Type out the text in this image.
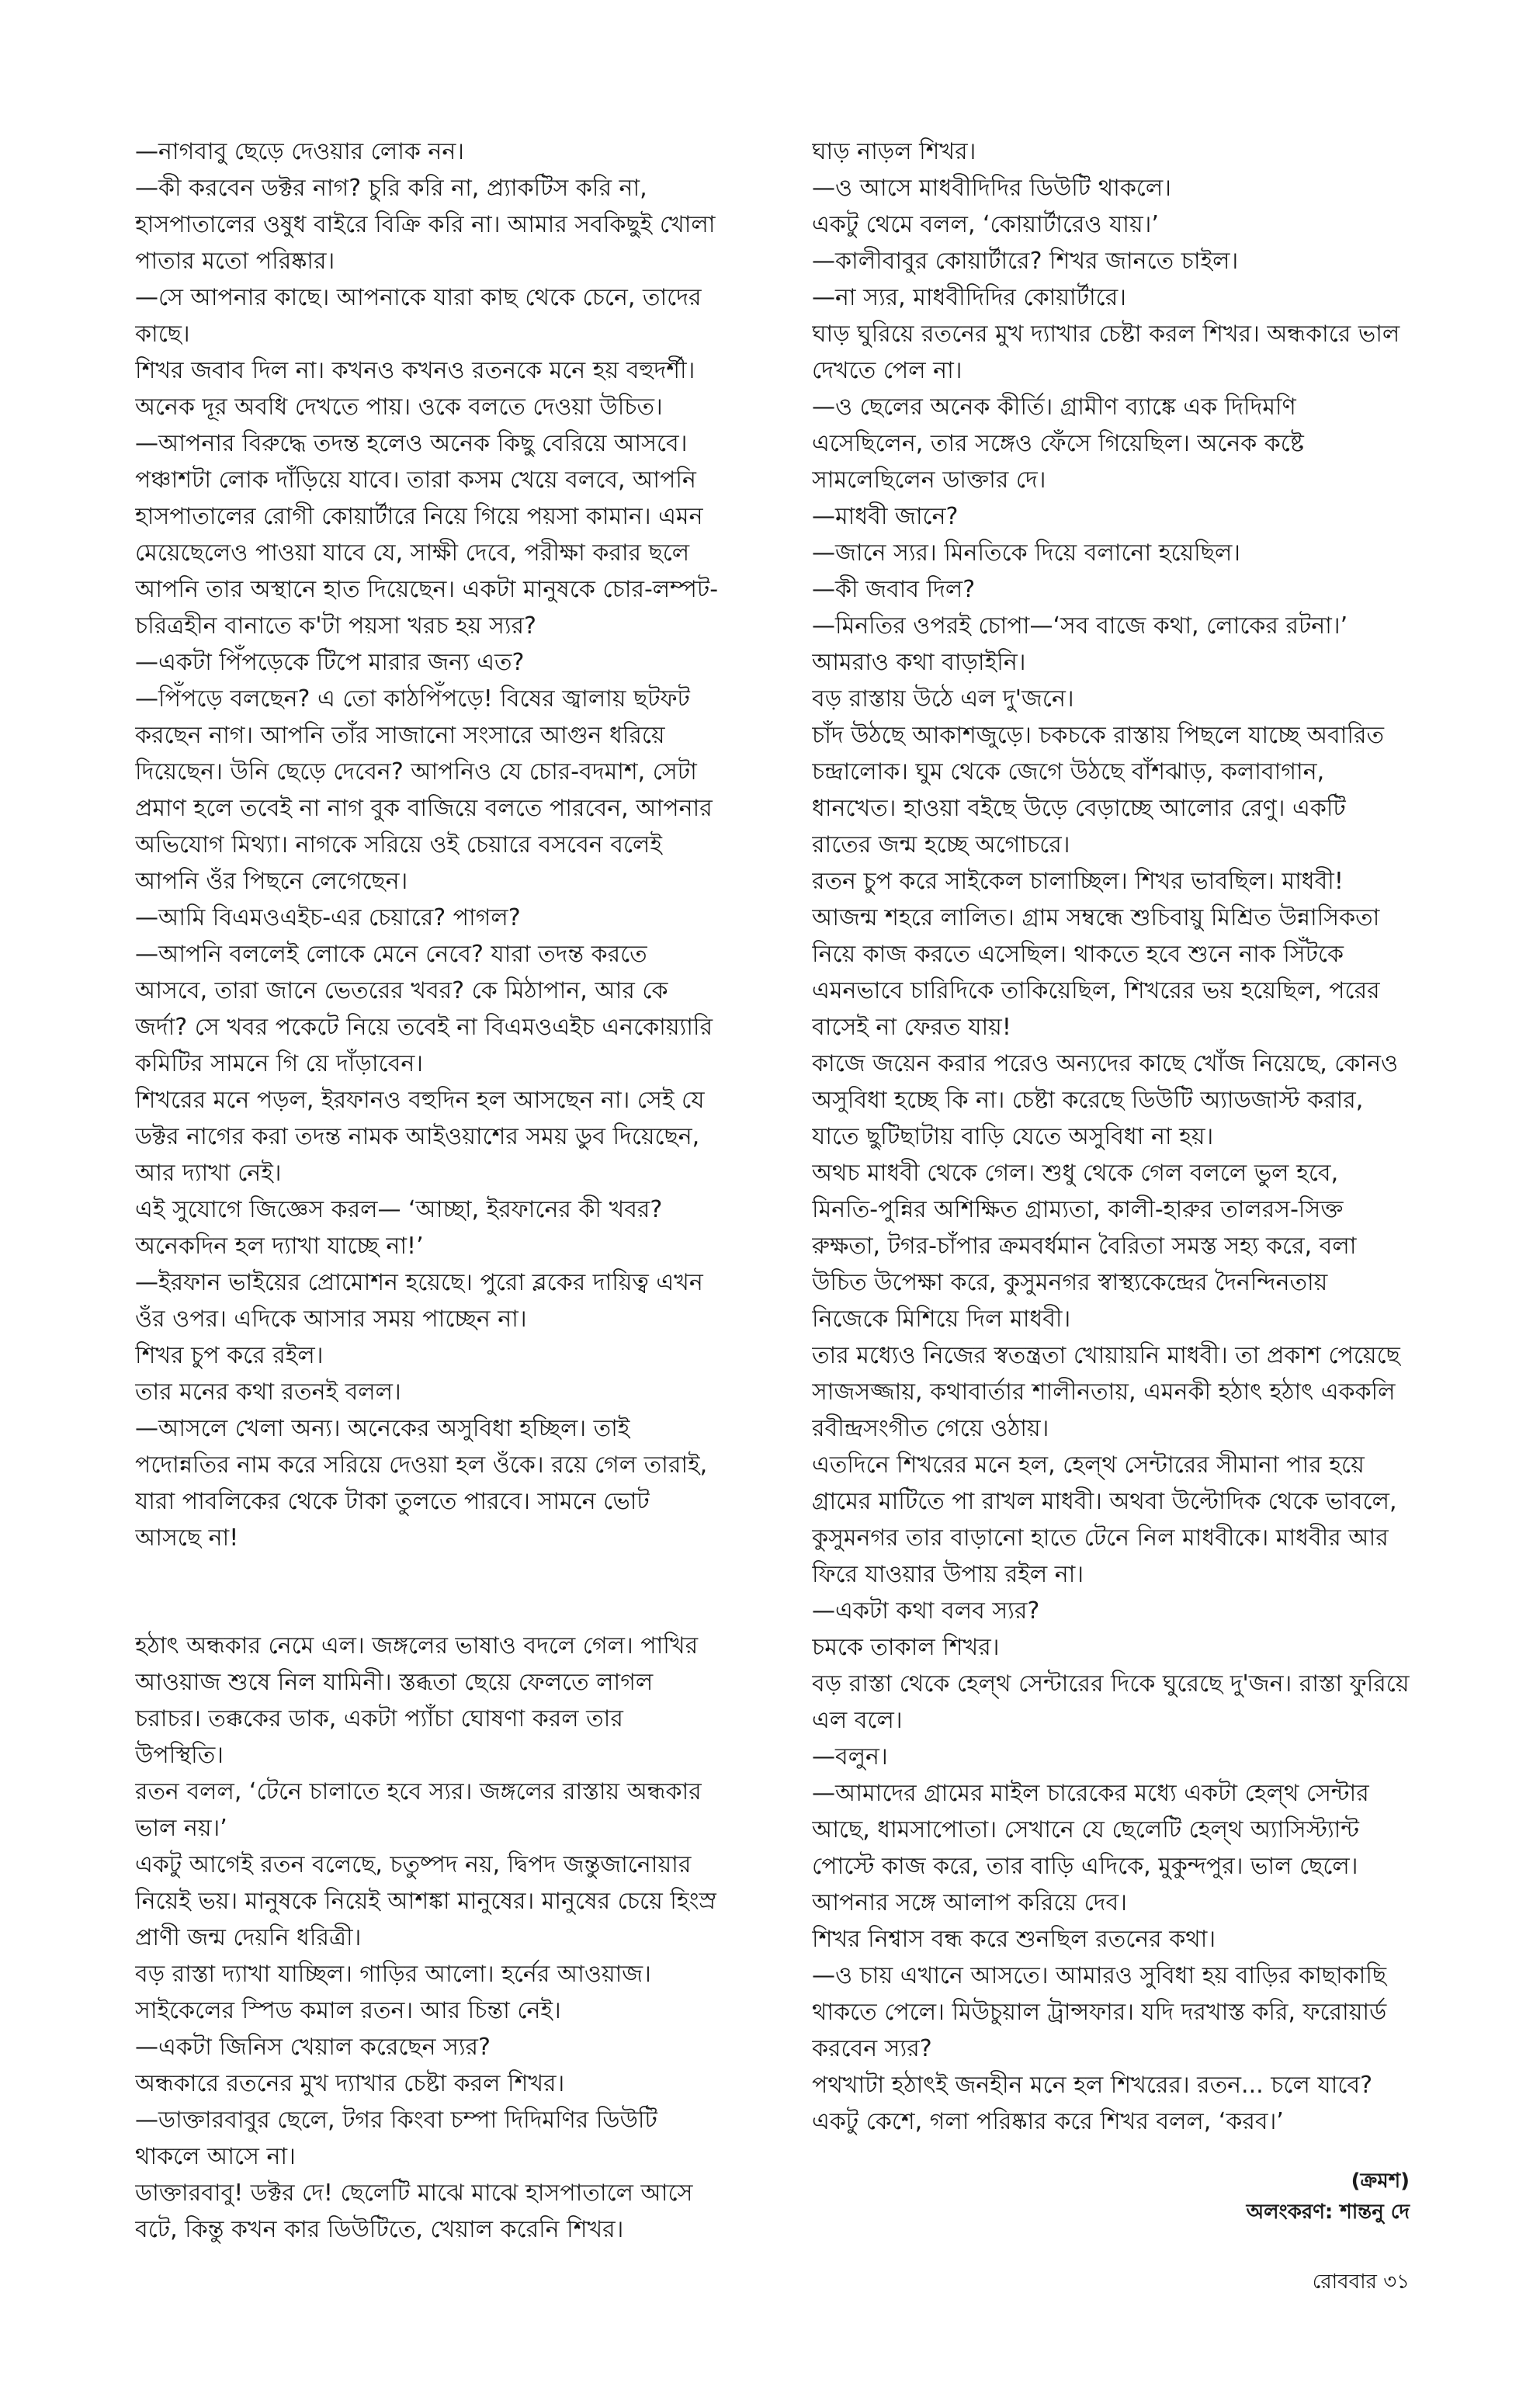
—নাগবাবু ছেড়ে দেওয়ার লোক নন।

—কী করবেন ডক্টর নাগ? চুরি করি না, প্র্যাকটিস করি না, হাসপাতালের ওষুধ বাইরে বিক্রি করি না। আমার সবকিছুই খোলা পাতার মতো পরিষ্কার।

—সে আপনার কাছে। আপনাকে যারা কাছ থেকে চেনে, তাদের কাছে।

শিখর জবাব দিল না। কখনও কখনও রতনকে মনে হয় বহুদর্শী। অনেক দূর অবধি দেখতে পায়। ওকে বলতে দেওয়া উচিত।

—আপনার বিরুদ্ধে তদন্ত হলেও অনেক কিছু বেরিয়ে আসবে। পঞ্চাশটা লোক দাঁড়িয়ে যাবে। তারা কসম খেয়ে বলবে, আপনি হাসপাতালের রোগী কোয়ার্টারে নিয়ে গিয়ে পয়সা কামান। এমন মেয়েছেলেও পাওয়া যাবে যে, সাক্ষী দেবে, পরীক্ষা করার ছলে আপনি তার অস্থানে হাত দিয়েছেন। একটা মানুষকে চোর-লম্পট-চরিত্রহীন বানাতে ক'টা পয়সা খরচ হয় স্যর?

—একটা পিঁপড়েকে টিপে মারার জন্য এত?

—পিঁপড়ে বলছেন? এ তো কাঠপিঁপড়ে! বিষের জ্বালায় ছটফট করছেন নাগ। আপনি তাঁর সাজানো সংসারে আগুন ধরিয়ে দিয়েছেন। উনি ছেড়ে দেবেন? আপনিও যে চোর-বদমাশ, সেটা প্রমাণ হলে তবেই না নাগ বুক বাজিয়ে বলতে পারবেন, আপনার অভিযোগ মিথ্যা। নাগকে সরিয়ে ওই চেয়ারে বসবেন বলেই আপনি ওঁর পিছনে লেগেছেন।

—আমি বিএমওএইচ-এর চেয়ারে? পাগল?

—আপনি বললেই লোকে মেনে নেবে? যারা তদন্ত করতে আসবে, তারা জানে ভেতরের খবর? কে মিঠাপান, আর কে জর্দা? সে খবর পকেটে নিয়ে তবেই না বিএমওএইচ এনকোয়্যারি কমিটির সামনে গি য়ে দাঁড়াবেন।

শিখরের মনে পড়ল, ইরফানও বহুদিন হল আসছেন না। সেই যে ডক্টর নাগের করা তদন্ত নামক আইওয়াশের সময় ডুব দিয়েছেন, আর দ্যাখা নেই।

এই সুযোগে জিজ্ঞেস করল— ‘আচ্ছা, ইরফানের কী খবর? অনেকদিন হল দ্যাখা যাচ্ছে না!’

—ইরফান ভাইয়ের প্রোমোশন হয়েছে। পুরো ব্লকের দায়িত্ব এখন ওঁর ওপর। এদিকে আসার সময় পাচ্ছেন না।

শিখর চুপ করে রইল।

তার মনের কথা রতনই বলল।

—আসলে খেলা অন্য। অনেকের অসুবিধা হচ্ছিল। তাই পদোন্নতির নাম করে সরিয়ে দেওয়া হল ওঁকে। রয়ে গেল তারাই, যারা পাবলিকের থেকে টাকা তুলতে পারবে। সামনে ভোট আসছে না!

হঠাৎ অন্ধকার নেমে এল। জঙ্গলের ভাষাও বদলে গেল। পাখির আওয়াজ শুষে নিল যামিনী। স্তব্ধতা ছেয়ে ফেলতে লাগল চরাচর। তক্ককের ডাক, একটা প্যাঁচা ঘোষণা করল তার উপস্থিতি।

রতন বলল, ‘টেনে চালাতে হবে স্যর। জঙ্গলের রাস্তায় অন্ধকার ভাল নয়।’

একটু আগেই রতন বলেছে, চতুষ্পদ নয়, দ্বিপদ জন্তুজানোয়ার নিয়েই ভয়। মানুষকে নিয়েই আশঙ্কা মানুষের। মানুষের চেয়ে হিংস্র প্রাণী জন্ম দেয়নি ধরিত্রী।

বড় রাস্তা দ্যাখা যাচ্ছিল। গাড়ির আলো। হর্নের আওয়াজ। সাইকেলের স্পিড কমাল রতন। আর চিন্তা নেই।

—একটা জিনিস খেয়াল করেছেন স্যর?

অন্ধকারে রতনের মুখ দ্যাখার চেষ্টা করল শিখর।

—ডাক্তারবাবুর ছেলে, টগর কিংবা চম্পা দিদিমণির ডিউটি থাকলে আসে না।

ডাক্তারবাবু! ডক্টর দে! ছেলেটি মাঝে মাঝে হাসপাতালে আসে বটে, কিন্তু কখন কার ডিউটিতে, খেয়াল করেনি শিখর।

ঘাড় নাড়ল শিখর।

—ও আসে মাধবীদিদির ডিউটি থাকলে।

একটু থেমে বলল, ‘কোয়ার্টারেও যায়।’

—কালীবাবুর কোয়ার্টারে? শিখর জানতে চাইল।

—না স্যর, মাধবীদিদির কোয়ার্টারে।

ঘাড় ঘুরিয়ে রতনের মুখ দ্যাখার চেষ্টা করল শিখর। অন্ধকারে ভাল দেখতে পেল না।

—ও ছেলের অনেক কীর্তি। গ্রামীণ ব্যাঙ্কে এক দিদিমণি এসেছিলেন, তার সঙ্গেও ফেঁসে গিয়েছিল। অনেক কষ্টে সামলেছিলেন ডাক্তার দে।

—মাধবী জানে?

—জানে স্যর। মিনতিকে দিয়ে বলানো হয়েছিল।

—কী জবাব দিল?

—মিনতির ওপরই চোপা—‘সব বাজে কথা, লোকের রটনা।’ আমরাও কথা বাড়াইনি।

বড় রাস্তায় উঠে এল দু'জনে।

চাঁদ উঠছে আকাশজুড়ে। চকচকে রাস্তায় পিছলে যাচ্ছে অবারিত চন্দ্রালোক। ঘুম থেকে জেগে উঠছে বাঁশঝাড়, কলাবাগান, ধানখেত। হাওয়া বইছে উড়ে বেড়াচ্ছে আলোর রেণু। একটি রাতের জন্ম হচ্ছে অগোচরে।

রতন চুপ করে সাইকেল চালাচ্ছিল। শিখর ভাবছিল। মাধবী! আজন্ম শহরে লালিত। গ্রাম সম্বন্ধে শুচিবায়ু মিশ্রিত উন্নাসিকতা নিয়ে কাজ করতে এসেছিল। থাকতে হবে শুনে নাক সিঁটকে এমনভাবে চারিদিকে তাকিয়েছিল, শিখরের ভয় হয়েছিল, পরের বাসেই না ফেরত যায়!

কাজে জয়েন করার পরেও অন্যদের কাছে খোঁজ নিয়েছে, কোনও অসুবিধা হচ্ছে কি না। চেষ্টা করেছে ডিউটি অ্যাডজাস্ট করার, যাতে ছুটিছাটায় বাড়ি যেতে অসুবিধা না হয়।

অথচ মাধবী থেকে গেল। শুধু থেকে গেল বললে ভুল হবে, মিনতি-পুন্নির অশিক্ষিত গ্রাম্যতা, কালী-হারুর তালরস-সিক্ত রুক্ষতা, টগর-চাঁপার ক্রমবর্ধমান বৈরিতা সমস্ত সহ্য করে, বলা উচিত উপেক্ষা করে, কুসুমনগর স্বাস্থ্যকেন্দ্রের দৈনন্দিনতায় নিজেকে মিশিয়ে দিল মাধবী।

তার মধ্যেও নিজের স্বতন্ত্রতা খোয়ায়নি মাধবী। তা প্রকাশ পেয়েছে সাজসজ্জায়, কথাবার্তার শালীনতায়, এমনকী হঠাৎ হঠাৎ এককলি রবীন্দ্রসংগীত গেয়ে ওঠায়।

এতদিনে শিখরের মনে হল, হেল্থ সেন্টারের সীমানা পার হয়ে গ্রামের মাটিতে পা রাখল মাধবী। অথবা উল্টোদিক থেকে ভাবলে, কুসুমনগর তার বাড়ানো হাতে টেনে নিল মাধবীকে। মাধবীর আর ফিরে যাওয়ার উপায় রইল না।

—একটা কথা বলব স্যর?

চমকে তাকাল শিখর।

বড় রাস্তা থেকে হেল্থ সেন্টারের দিকে ঘুরেছে দু'জন। রাস্তা ফুরিয়ে এল বলে।

—বলুন।

—আমাদের গ্রামের মাইল চারেকের মধ্যে একটা হেল্থ সেন্টার আছে, ধামসাপোতা। সেখানে যে ছেলেটি হেল্থ অ্যাসিস্ট্যান্ট পোস্টে কাজ করে, তার বাড়ি এদিকে, মুকুন্দপুর। ভাল ছেলে। আপনার সঙ্গে আলাপ করিয়ে দেব।

শিখর নিশ্বাস বন্ধ করে শুনছিল রতনের কথা।

—ও চায় এখানে আসতে। আমারও সুবিধা হয় বাড়ির কাছাকাছি থাকতে পেলে। মিউচুয়াল ট্রান্সফার। যদি দরখাস্ত করি, ফরোয়ার্ড করবেন স্যর?

পথখাটা হঠাৎই জনহীন মনে হল শিখরের। রতন... চলে যাবে?

একটু কেশে, গলা পরিষ্কার করে শিখর বলল, ‘করব।’

(ক্রমশ)
অলংকরণ: শান্তনু দে
রোববার ৩১
